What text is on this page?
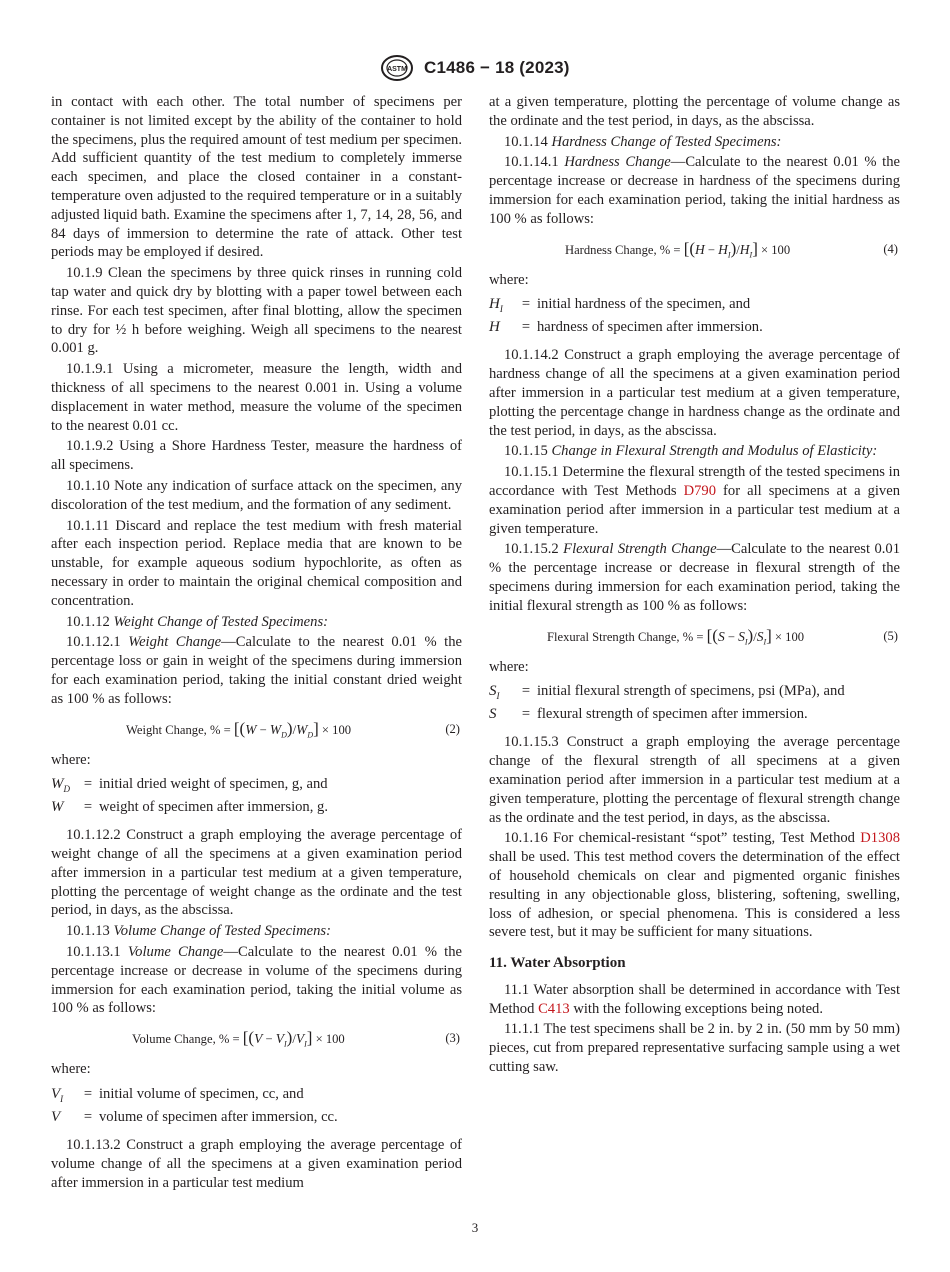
ASTM C1486 − 18 (2023)

in contact with each other. The total number of specimens per container is not limited except by the ability of the container to hold the specimens, plus the required amount of test medium per specimen. Add sufficient quantity of the test medium to completely immerse each specimen, and place the closed container in a constant-temperature oven adjusted to the required temperature or in a suitably adjusted liquid bath. Examine the specimens after 1, 7, 14, 28, 56, and 84 days of immersion to determine the rate of attack. Other test periods may be employed if desired.

10.1.9 Clean the specimens by three quick rinses in running cold tap water and quick dry by blotting with a paper towel between each rinse. For each test specimen, after final blotting, allow the specimen to dry for ½ h before weighing. Weigh all specimens to the nearest 0.001 g.

10.1.9.1 Using a micrometer, measure the length, width and thickness of all specimens to the nearest 0.001 in. Using a volume displacement in water method, measure the volume of the specimen to the nearest 0.01 cc.

10.1.9.2 Using a Shore Hardness Tester, measure the hardness of all specimens.

10.1.10 Note any indication of surface attack on the specimen, any discoloration of the test medium, and the formation of any sediment.

10.1.11 Discard and replace the test medium with fresh material after each inspection period. Replace media that are known to be unstable, for example aqueous sodium hypochlorite, as often as necessary in order to maintain the original chemical composition and concentration.

10.1.12 Weight Change of Tested Specimens:

10.1.12.1 Weight Change—Calculate to the nearest 0.01 % the percentage loss or gain in weight of the specimens during immersion for each examination period, taking the initial constant dried weight as 100 % as follows:

Weight Change, % = $[(W - W_D)/W_D] \times 100$	(2)

where:

$W_D$ = initial dried weight of specimen, g, and
W	= weight of specimen after immersion, g.

10.1.12.2 Construct a graph employing the average percentage of weight change of all the specimens at a given examination period after immersion in a particular test medium at a given temperature, plotting the percentage of weight change as the ordinate and the test period, in days, as the abscissa.

10.1.13 Volume Change of Tested Specimens:

10.1.13.1 Volume Change—Calculate to the nearest 0.01 % the percentage increase or decrease in volume of the specimens during immersion for each examination period, taking the initial volume as 100 % as follows:

Volume Change, % = $[(V - V_I)/V_I] \times 100$	(3)

where:

$V_I$	= initial volume of specimen, cc, and
V	= volume of specimen after immersion, cc.

10.1.13.2 Construct a graph employing the average percentage of volume change of all the specimens at a given examination period after immersion in a particular test medium

at a given temperature, plotting the percentage of volume change as the ordinate and the test period, in days, as the abscissa.

10.1.14 Hardness Change of Tested Specimens:

10.1.14.1 Hardness Change—Calculate to the nearest 0.01 % the percentage increase or decrease in hardness of the specimens during immersion for each examination period, taking the initial hardness as 100 % as follows:

Hardness Change, % = $[(H - H_I)/H_I] \times 100$	(4)

where:

$H_I$	= initial hardness of the specimen, and
H	= hardness of specimen after immersion.

10.1.14.2 Construct a graph employing the average percentage of hardness change of all the specimens at a given examination period after immersion in a particular test medium at a given temperature, plotting the percentage change in hardness change as the ordinate and the test period, in days, as the abscissa.

10.1.15 Change in Flexural Strength and Modulus of Elasticity:

10.1.15.1 Determine the flexural strength of the tested specimens in accordance with Test Methods D790 for all specimens at a given examination period after immersion in a particular test medium at a given temperature.

10.1.15.2 Flexural Strength Change—Calculate to the nearest 0.01 % the percentage increase or decrease in flexural strength of the specimens during immersion for each examination period, taking the initial flexural strength as 100 % as follows:

Flexural Strength Change, % = $[(S - S_I)/S_I] \times 100$	(5)

where:

$S_I$	= initial flexural strength of specimens, psi (MPa), and
S	= flexural strength of specimen after immersion.

10.1.15.3 Construct a graph employing the average percentage change of the flexural strength of all specimens at a given examination period after immersion in a particular test medium at a given temperature, plotting the percentage of flexural strength change as the ordinate and the test period, in days, as the abscissa.

10.1.16 For chemical-resistant “spot” testing, Test Method D1308 shall be used. This test method covers the determination of the effect of household chemicals on clear and pigmented organic finishes resulting in any objectionable gloss, blistering, softening, swelling, loss of adhesion, or special phenomena. This is considered a less severe test, but it may be sufficient for many situations.

11. Water Absorption

11.1 Water absorption shall be determined in accordance with Test Method C413 with the following exceptions being noted.

11.1.1 The test specimens shall be 2 in. by 2 in. (50 mm by 50 mm) pieces, cut from prepared representative surfacing sample using a wet cutting saw.

3
